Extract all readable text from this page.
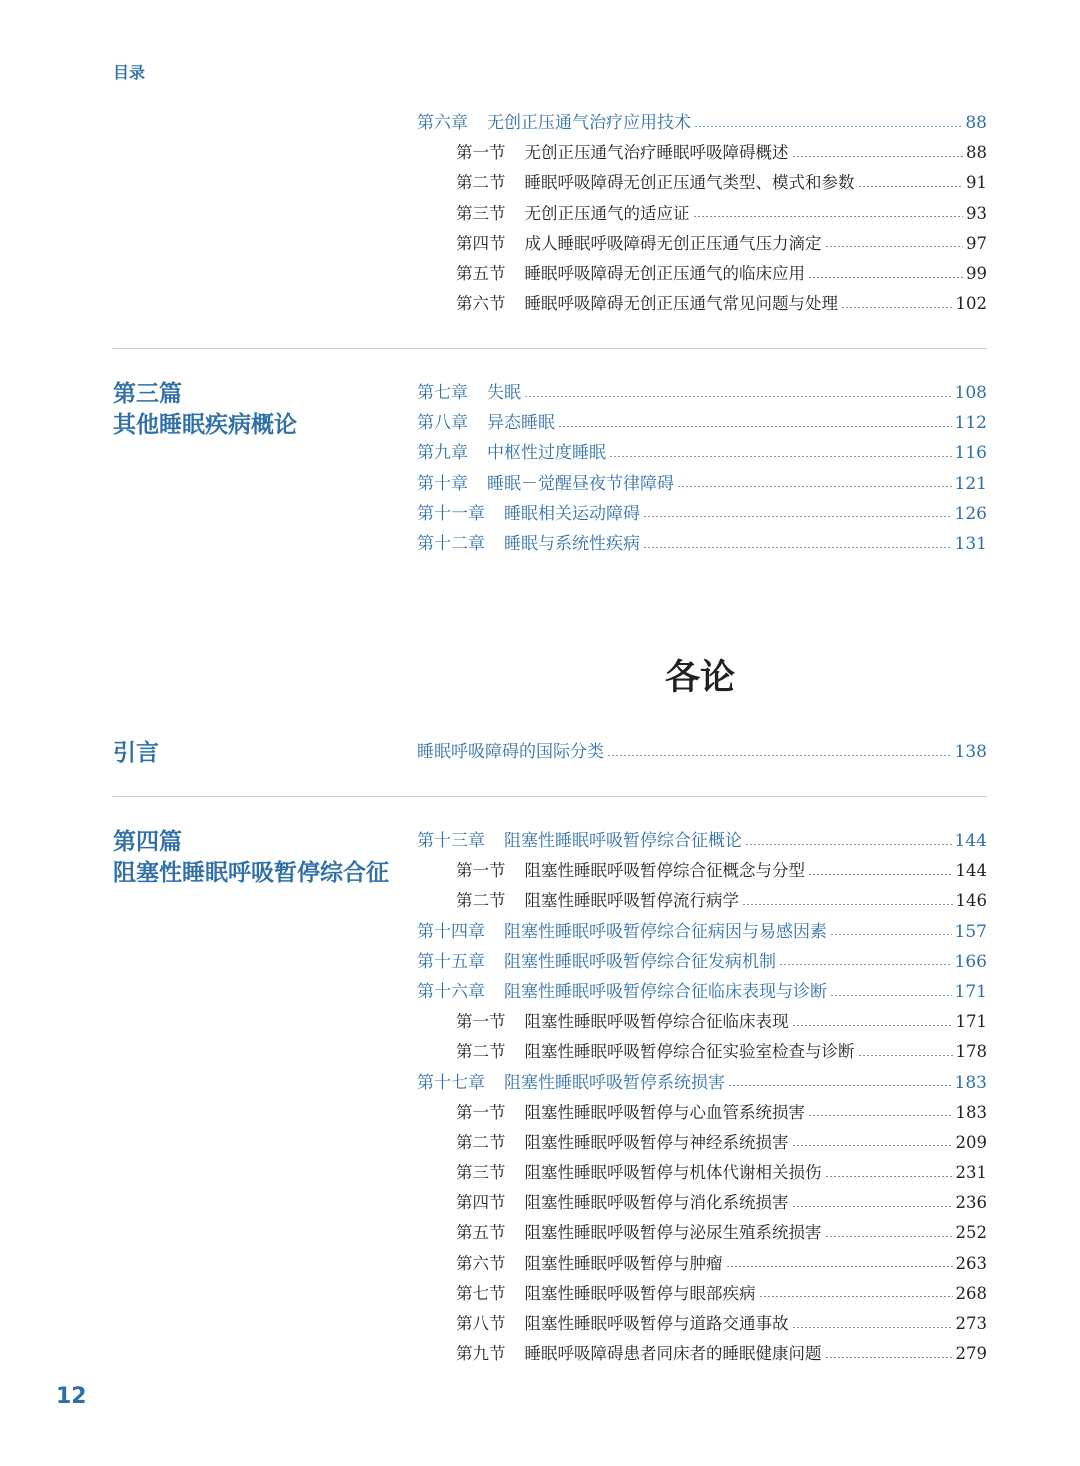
目录
第六章 无创正压通气治疗应用技术	88
第一节 无创正压通气治疗睡眠呼吸障碍概述	88
第二节 睡眠呼吸障碍无创正压通气类型、模式和参数	91
第三节 无创正压通气的适应证	93
第四节 成人睡眠呼吸障碍无创正压通气压力滴定	97
第五节 睡眠呼吸障碍无创正压通气的临床应用	99
第六节 睡眠呼吸障碍无创正压通气常见问题与处理	102
第三篇
其他睡眠疾病概论
第七章 失眠	108
第八章 异态睡眠	112
第九章 中枢性过度睡眠	116
第十章 睡眠－觉醒昼夜节律障碍	121
第十一章 睡眠相关运动障碍	126
第十二章 睡眠与系统性疾病	131
各论
引言	睡眠呼吸障碍的国际分类	138
第四篇
阻塞性睡眠呼吸暂停综合征
第十三章 阻塞性睡眠呼吸暂停综合征概论	144
第一节 阻塞性睡眠呼吸暂停综合征概念与分型	144
第二节 阻塞性睡眠呼吸暂停流行病学	146
第十四章 阻塞性睡眠呼吸暂停综合征病因与易感因素	157
第十五章 阻塞性睡眠呼吸暂停综合征发病机制	166
第十六章 阻塞性睡眠呼吸暂停综合征临床表现与诊断	171
第一节 阻塞性睡眠呼吸暂停综合征临床表现	171
第二节 阻塞性睡眠呼吸暂停综合征实验室检查与诊断	178
第十七章 阻塞性睡眠呼吸暂停系统损害	183
第一节 阻塞性睡眠呼吸暂停与心血管系统损害	183
第二节 阻塞性睡眠呼吸暂停与神经系统损害	209
第三节 阻塞性睡眠呼吸暂停与机体代谢相关损伤	231
第四节 阻塞性睡眠呼吸暂停与消化系统损害	236
第五节 阻塞性睡眠呼吸暂停与泌尿生殖系统损害	252
第六节 阻塞性睡眠呼吸暂停与肿瘤	263
第七节 阻塞性睡眠呼吸暂停与眼部疾病	268
第八节 阻塞性睡眠呼吸暂停与道路交通事故	273
第九节 睡眠呼吸障碍患者同床者的睡眠健康问题	279
12
